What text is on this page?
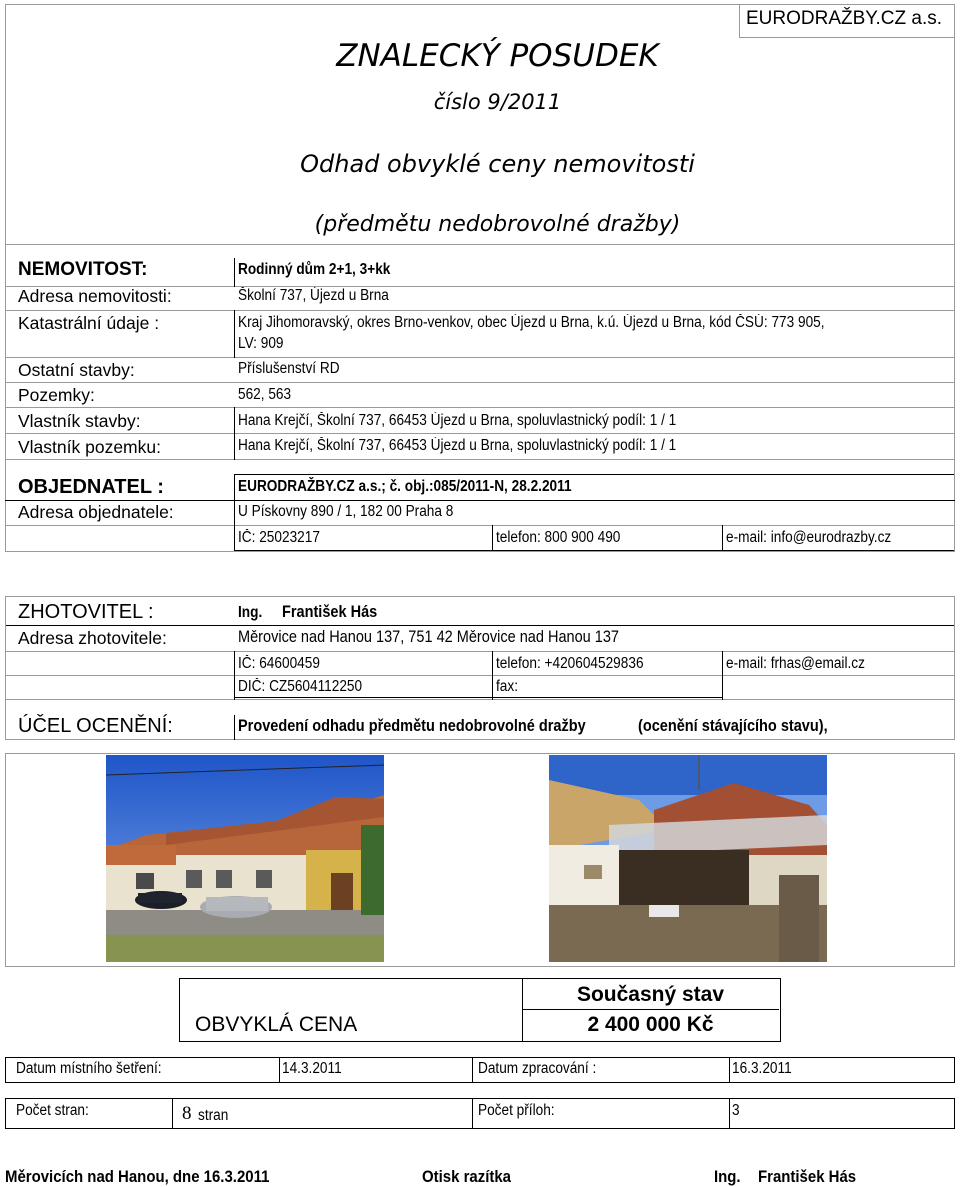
EURODRAŽBY.CZ a.s.
ZNALECKÝ POSUDEK
číslo 9/2011
Odhad obvyklé ceny nemovitosti
(předmětu nedobrovolné dražby)
NEMOVITOST:	Rodinný dům 2+1, 3+kk
Adresa nemovitosti:	Školní 737, Újezd u Brna
Katastrální údaje :	Kraj Jihomoravský, okres Brno-venkov, obec Újezd u Brna, k.ú. Újezd u Brna, kód ČSÚ: 773 905,
LV: 909
Ostatní stavby:	Příslušenství RD
Pozemky:	562, 563
Vlastník stavby:	Hana Krejčí, Školní 737, 66453 Újezd u Brna, spoluvlastnický podíl: 1 / 1
Vlastník pozemku:	Hana Krejčí, Školní 737, 66453 Újezd u Brna, spoluvlastnický podíl: 1 / 1
OBJEDNATEL :	EURODRAŽBY.CZ a.s.; č. obj.:085/2011-N, 28.2.2011
Adresa objednatele:	U Pískovny 890 / 1, 182 00 Praha 8
IČ: 25023217	telefon: 800 900 490	e-mail: info@eurodrazby.cz
ZHOTOVITEL :	Ing. František Hás
Adresa zhotovitele:	Měrovice nad Hanou 137, 751 42 Měrovice nad Hanou 137
IČ: 64600459	telefon: +420604529836	e-mail: frhas@email.cz
DIČ: CZ5604112250	fax:
ÚČEL OCENĚNÍ:	Provedení odhadu předmětu nedobrovolné dražby	(ocenění stávajícího stavu),
OBVYKLÁ CENA
Současný stav
2 400 000 Kč
Datum místního šetření:	14.3.2011	Datum zpracování :	16.3.2011
Počet stran:	8 stran	Počet příloh:	3
Měrovicích nad Hanou, dne 16.3.2011	Otisk razítka	Ing. František Hás
